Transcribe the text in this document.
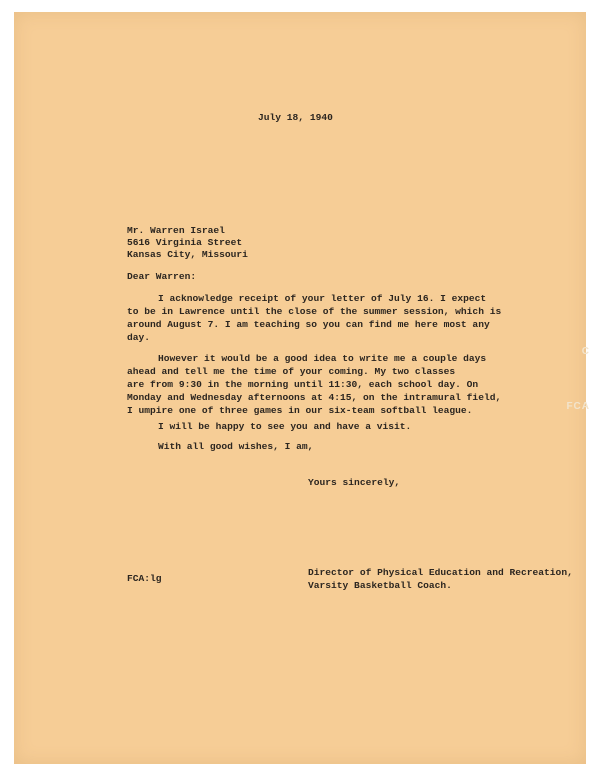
July 18, 1940

Mr. Warren Israel

5616 Virginia Street

Kansas City, Missouri

Dear Warren:

I acknowledge receipt of your letter of July 16. I expect

to be in Lawrence until the close of the summer session, which is

around August 7. I am teaching so you can find me here most any

day.

However it would be a good idea to write me a couple days

ahead and tell me the time of your coming. My two classes

are from 9:30 in the morning until 11:30, each school day. On

Monday and Wednesday afternoons at 4:15, on the intramural field,

I umpire one of three games in our six-team softball league.

I will be happy to see you and have a visit.

With all good wishes, I am,

Yours sincerely,

FCA:lg

Director of Physical Education and Recreation,

Varsity Basketball Coach.

C
FCA
